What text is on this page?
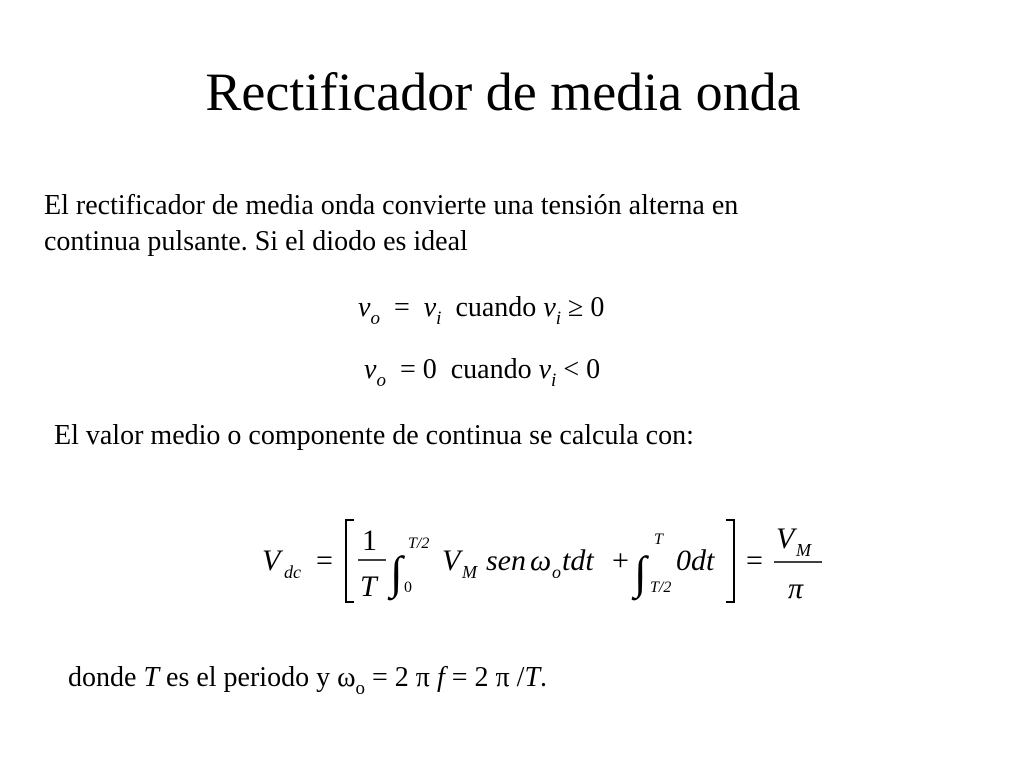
Rectificador de media onda
El rectificador de media onda convierte una tensión alterna en
continua pulsante. Si el diodo es ideal
$v_o = v_i$ cuando $v_i \ge 0$
$v_o = 0$ cuando $v_i < 0$
El valor medio o componente de continua se calcula con:
V dc =
1
T ∫
T/2
0
V M sen ω o tdt + ∫
T
T/2
0dt =
V M
π
donde T es el periodo y $\omega_o = 2$ π f = 2 π /T.
